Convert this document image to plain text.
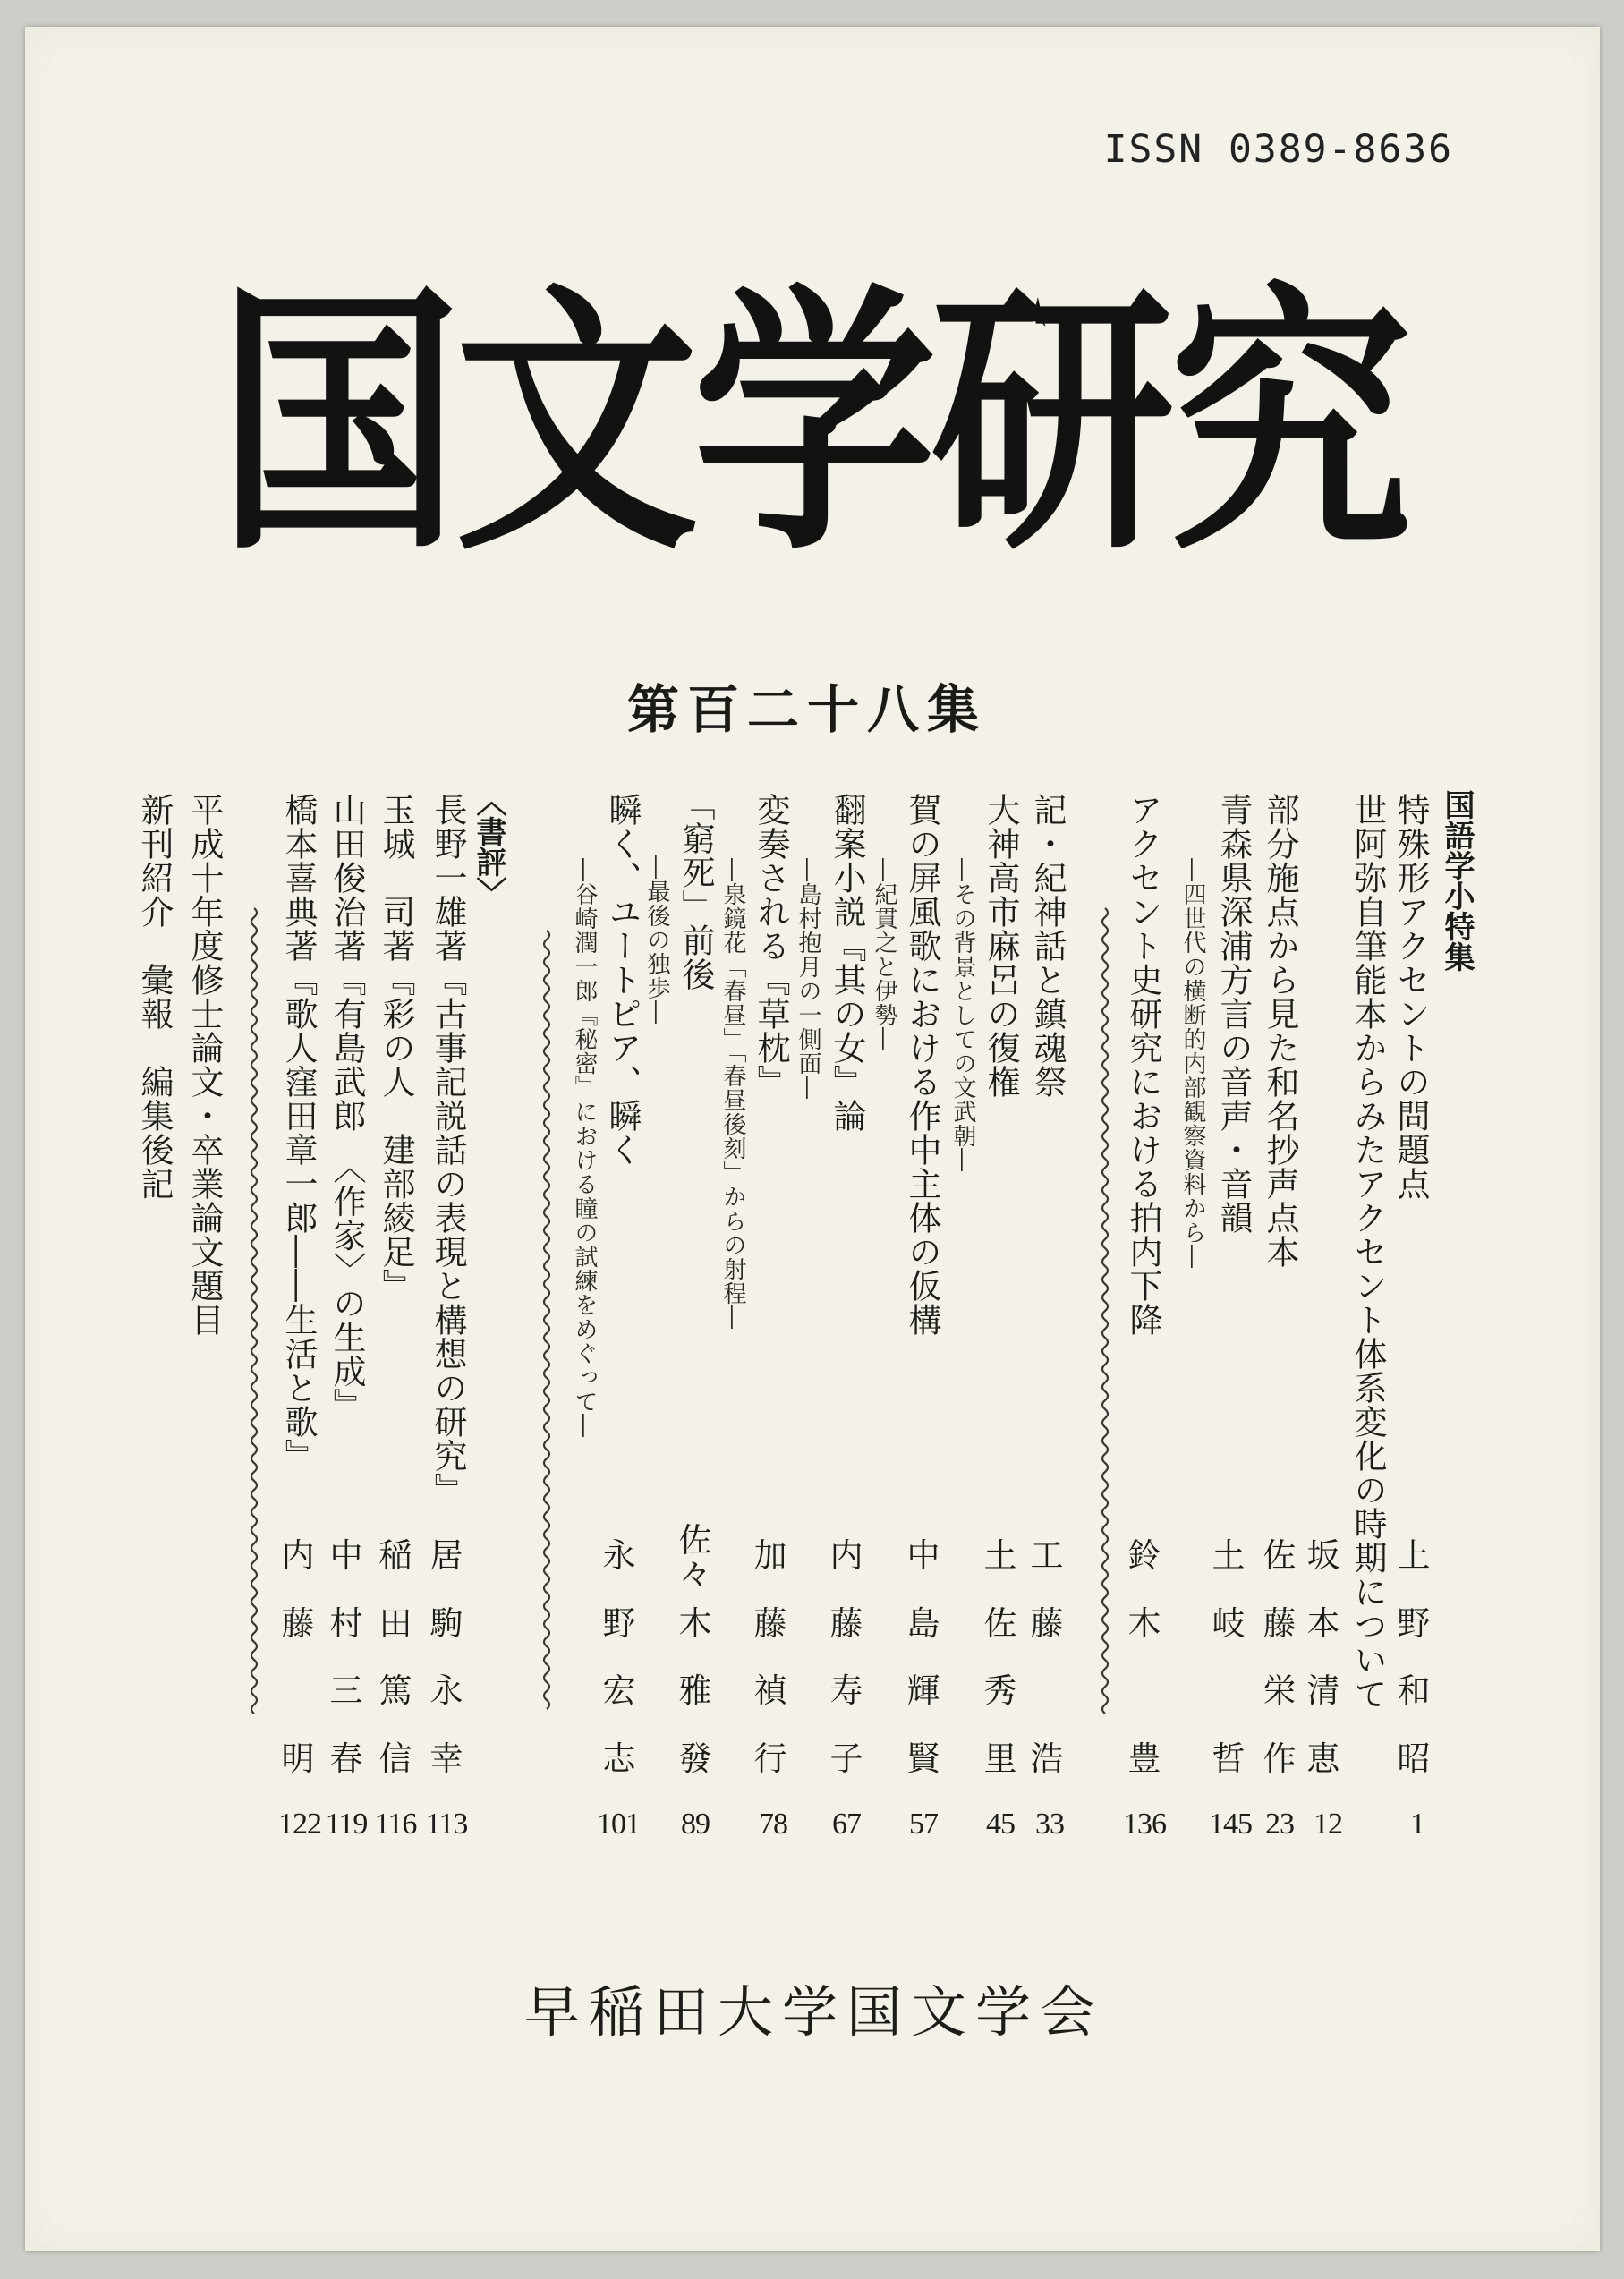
ISSN 0389-8636
国文学研究
第百二十八集
国語学小特集
特殊形アクセントの問題点
上
野
和
昭
1
世阿弥自筆能本からみたアクセント体系変化の時期について
坂
本
清
恵
12
部分施点から見た和名抄声点本
佐
藤
栄
作
23
青森県深浦方言の音声・音韻
―四世代の横断的内部観察資料から―
土
岐
哲
145
アクセント史研究における拍内下降
鈴
木
豊
136
記・紀神話と鎮魂祭
工
藤
浩
33
大神高市麻呂の復権
―その背景としての文武朝―
土
佐
秀
里
45
賀の屏風歌における作中主体の仮構
―紀貫之と伊勢―
中
島
輝
賢
57
翻案小説『其の女』論
―島村抱月の一側面―
内
藤
寿
子
67
変奏される『草枕』
―泉鏡花「春昼」「春昼後刻」からの射程―
加
藤
禎
行
78
「窮死」前後
―最後の独歩―
佐
々
木
雅
發
89
瞬く、ユートピア、瞬く
―谷崎潤一郎『秘密』における瞳の試練をめぐって―
永
野
宏
志
101
〈書評〉
長野一雄著『古事記説話の表現と構想の研究』
居
駒
永
幸
113
玉城　司著『彩の人　建部綾足』
稲
田
篤
信
116
山田俊治著『有島武郎　〈作家〉の生成』
中
村
三
春
119
橋本喜典著『歌人窪田章一郎――生活と歌』
内
藤
明
122
平成十年度修士論文・卒業論文題目
新刊紹介　彙報　編集後記
早稲田大学国文学会
